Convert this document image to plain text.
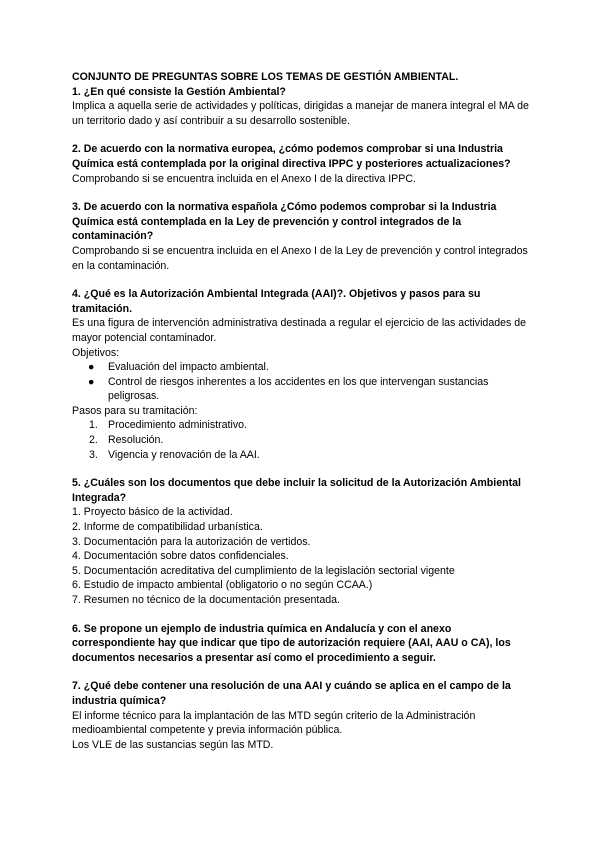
CONJUNTO DE PREGUNTAS SOBRE LOS TEMAS DE GESTIÓN AMBIENTAL.

1. ¿En qué consiste la Gestión Ambiental?

Implica a aquella serie de actividades y políticas, dirigidas a manejar de manera integral el MA de un territorio dado y así contribuir a su desarrollo sostenible.

2. De acuerdo con la normativa europea, ¿cómo podemos comprobar si una Industria Química está contemplada por la original directiva IPPC y posteriores actualizaciones?

Comprobando si se encuentra incluida en el Anexo I de la directiva IPPC.

3. De acuerdo con la normativa española ¿Cómo podemos comprobar si la Industria Química está contemplada en la Ley de prevención y control integrados de la contaminación?

Comprobando si se encuentra incluida en el Anexo I de la Ley de prevención y control integrados en la contaminación.

4. ¿Qué es la Autorización Ambiental Integrada (AAI)?. Objetivos y pasos para su tramitación.

Es una figura de intervención administrativa destinada a regular el ejercicio de las actividades de mayor potencial contaminador.

Objetivos:

● Evaluación del impacto ambiental.
● Control de riesgos inherentes a los accidentes en los que intervengan sustancias peligrosas.

Pasos para su tramitación:

1. Procedimiento administrativo.
2. Resolución.
3. Vigencia y renovación de la AAI.

5. ¿Cuáles son los documentos que debe incluir la solicitud de la Autorización Ambiental Integrada?

1. Proyecto básico de la actividad.

2. Informe de compatibilidad urbanística.

3. Documentación para la autorización de vertidos.

4. Documentación sobre datos confidenciales.

5. Documentación acreditativa del cumplimiento de la legislación sectorial vigente

6. Estudio de impacto ambiental (obligatorio o no según CCAA.)

7. Resumen no técnico de la documentación presentada.

6. Se propone un ejemplo de industria química en Andalucía y con el anexo correspondiente hay que indicar que tipo de autorización requiere (AAI, AAU o CA), los documentos necesarios a presentar así como el procedimiento a seguir.

7. ¿Qué debe contener una resolución de una AAI y cuándo se aplica en el campo de la industria química?

El informe técnico para la implantación de las MTD según criterio de la Administración medioambiental competente y previa información pública.

Los VLE de las sustancias según las MTD.
